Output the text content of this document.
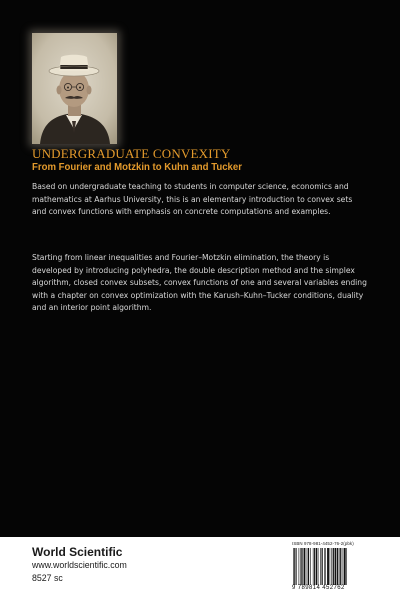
UNDERGRADUATE CONVEXITY
From Fourier and Motzkin to Kuhn and Tucker

Based on undergraduate teaching to students in computer science, economics and mathematics at Aarhus University, this is an elementary introduction to convex sets and convex functions with emphasis on concrete computations and examples.

Starting from linear inequalities and Fourier–Motzkin elimination, the theory is developed by introducing polyhedra, the double description method and the simplex algorithm, closed convex subsets, convex functions of one and several variables ending with a chapter on convex optimization with the Karush–Kuhn–Tucker conditions, duality and an interior point algorithm.

World Scientific
www.worldscientific.com
8527 sc
ISBN 978-981-4452-76-2(pbk)
9 789814 452762
